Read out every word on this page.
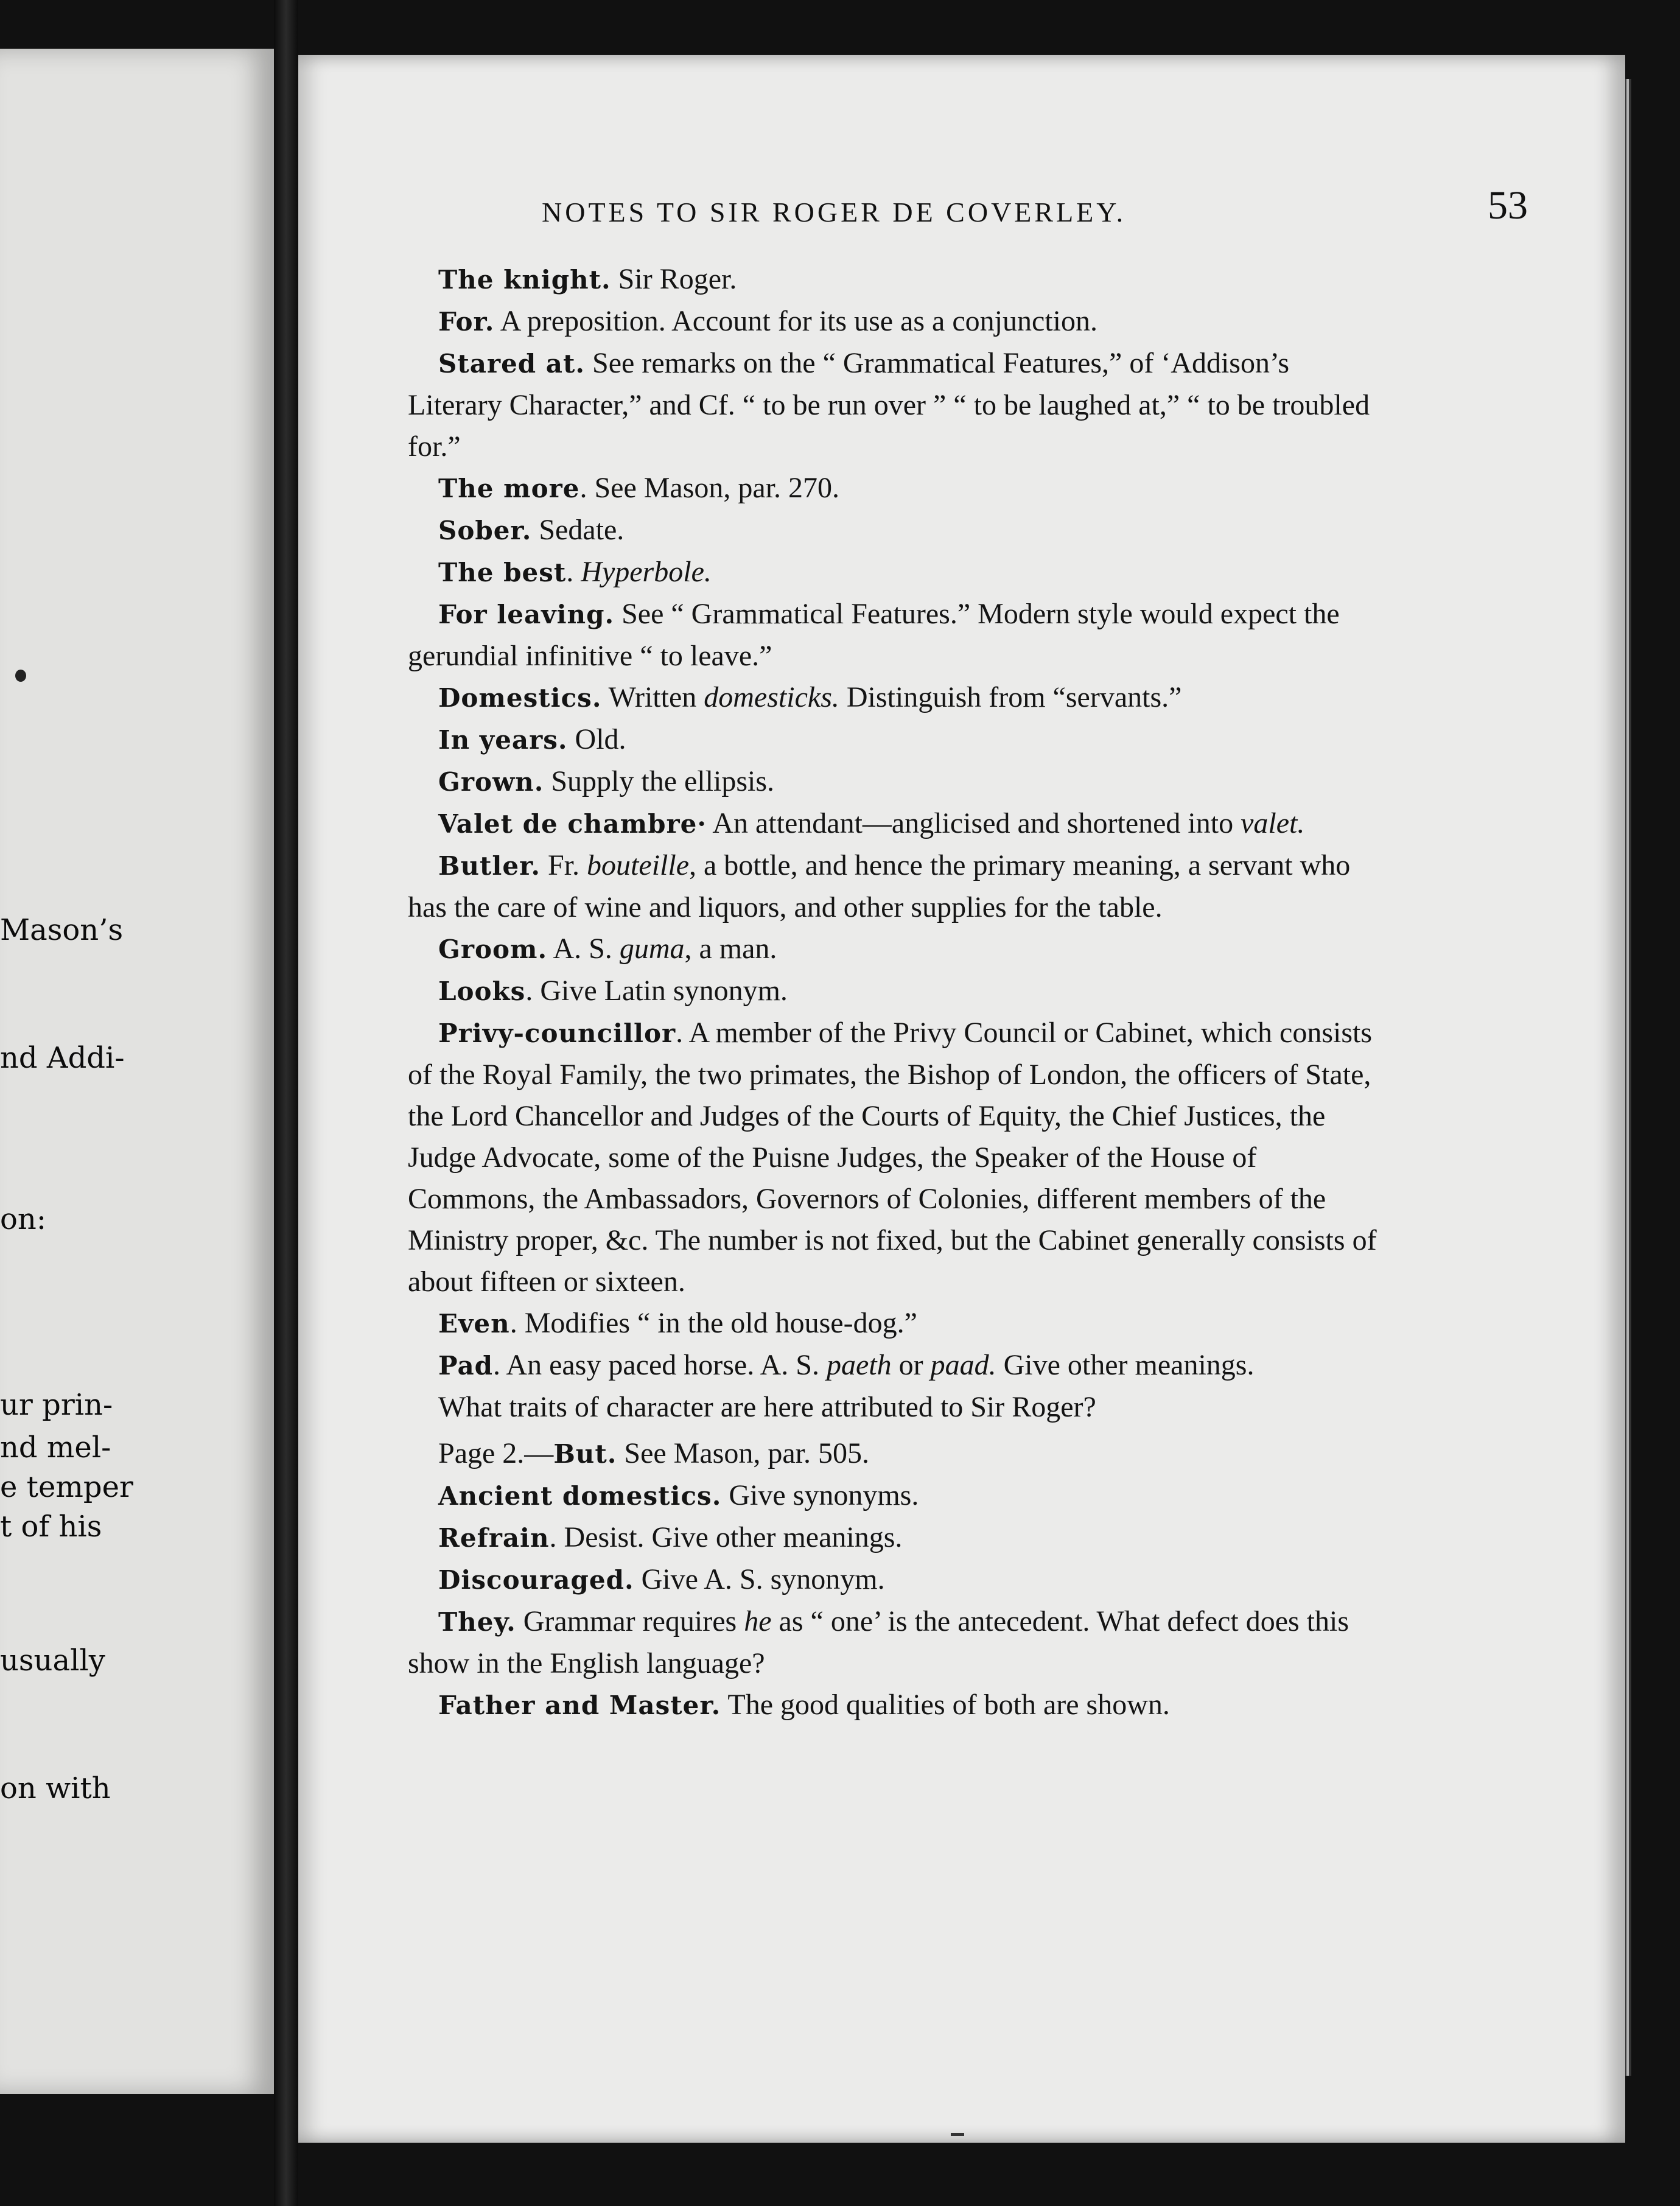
Mason’s
nd Addi-
on:
ur prin-
nd mel-
e temper
t of his
usually
on with
NOTES TO SIR ROGER DE COVERLEY.	53

The knight. Sir Roger.

For. A preposition. Account for its use as a conjunction.

Stared at. See remarks on the “ Grammatical Features,” of ‘Addison’s Literary Character,” and Cf. “ to be run over ” “ to be laughed at,” “ to be troubled for.”

The more. See Mason, par. 270.

Sober. Sedate.

The best. Hyperbole.

For leaving. See “ Grammatical Features.” Modern style would expect the gerundial infinitive “ to leave.”

Domestics. Written domesticks. Distinguish from “servants.”

In years. Old.

Grown. Supply the ellipsis.

Valet de chambre· An attendant—anglicised and shortened into valet.

Butler. Fr. bouteille, a bottle, and hence the primary meaning, a servant who has the care of wine and liquors, and other supplies for the table.

Groom. A. S. guma, a man.

Looks. Give Latin synonym.

Privy-councillor. A member of the Privy Council or Cabinet, which consists of the Royal Family, the two primates, the Bishop of London, the officers of State, the Lord Chancellor and Judges of the Courts of Equity, the Chief Justices, the Judge Advocate, some of the Puisne Judges, the Speaker of the House of Commons, the Ambassadors, Governors of Colonies, different members of the Ministry proper, &c. The number is not fixed, but the Cabinet generally consists of about fifteen or sixteen.

Even. Modifies “ in the old house-dog.”

Pad. An easy paced horse. A. S. paeth or paad. Give other meanings.

What traits of character are here attributed to Sir Roger?

Page 2.—But. See Mason, par. 505.

Ancient domestics. Give synonyms.

Refrain. Desist. Give other meanings.

Discouraged. Give A. S. synonym.

They. Grammar requires he as “ one’ is the antecedent. What defect does this show in the English language?

Father and Master. The good qualities of both are shown.
